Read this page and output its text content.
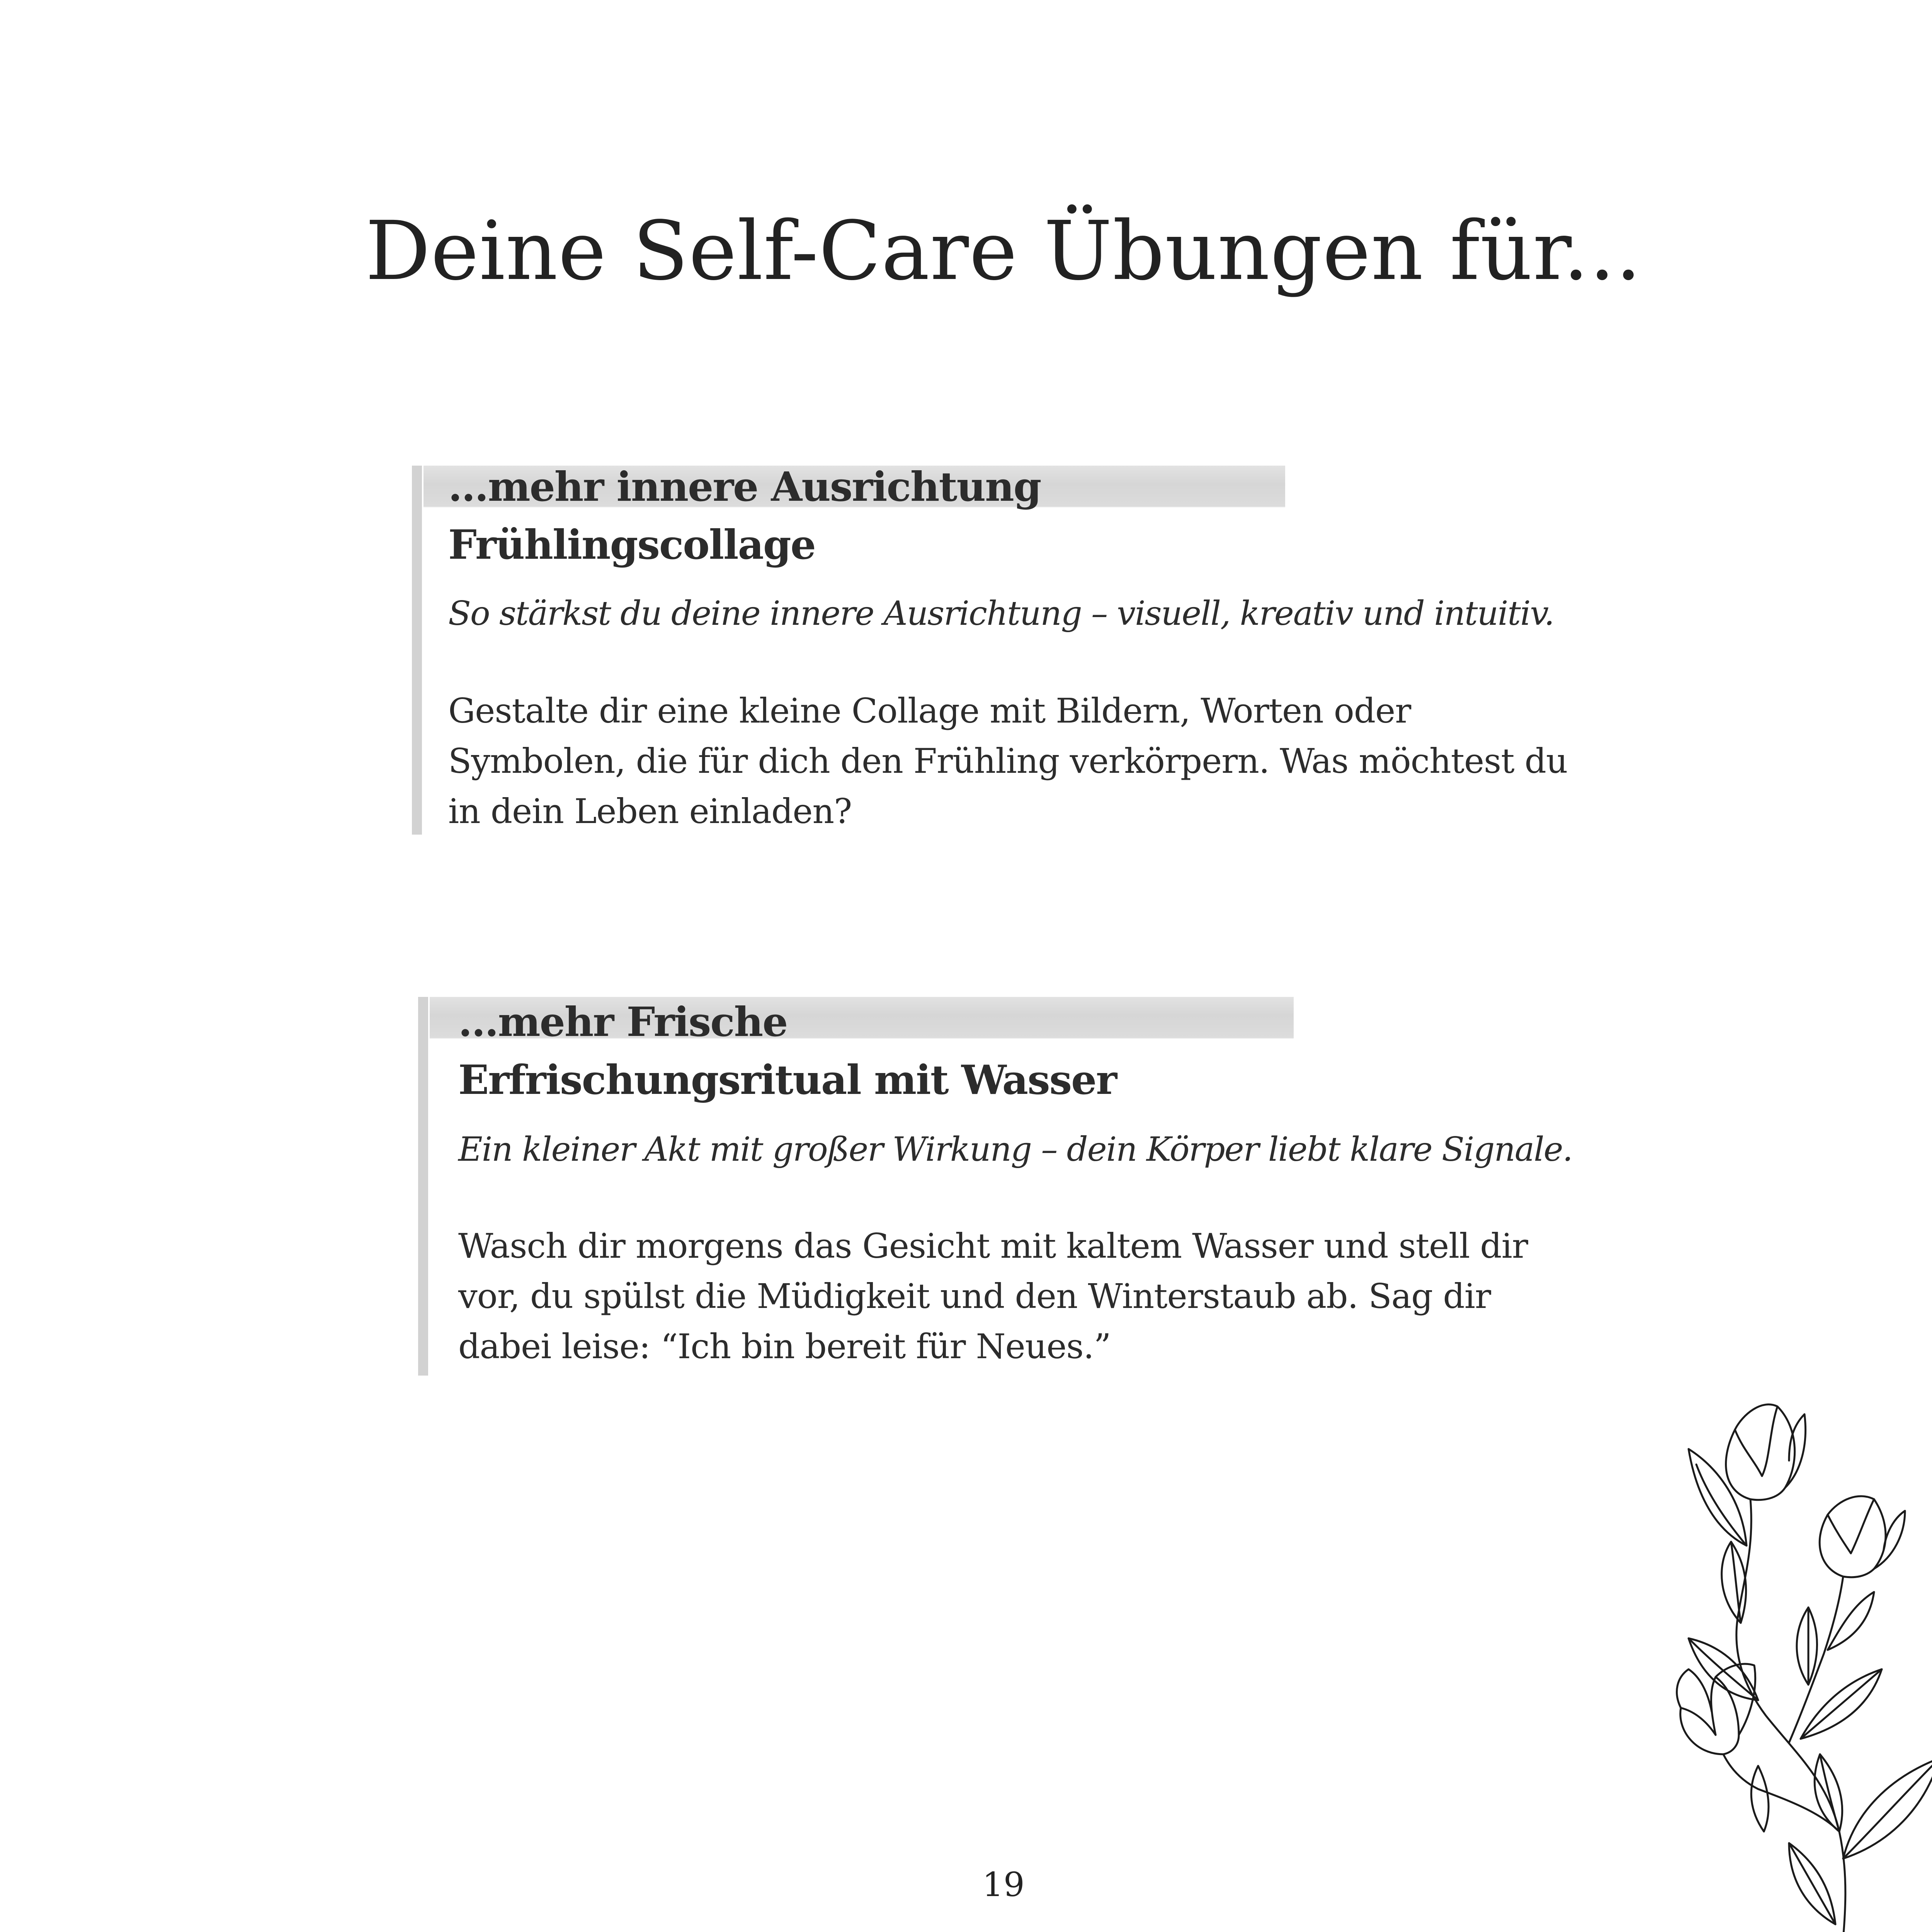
Deine Self-Care Übungen für...
...mehr innere Ausrichtung
Frühlingscollage

So stärkst du deine innere Ausrichtung – visuell, kreativ und intuitiv.

Gestalte dir eine kleine Collage mit Bildern, Worten oder
Symbolen, die für dich den Frühling verkörpern. Was möchtest du
in dein Leben einladen?

...mehr Frische
Erfrischungsritual mit Wasser

Ein kleiner Akt mit großer Wirkung – dein Körper liebt klare Signale.

Wasch dir morgens das Gesicht mit kaltem Wasser und stell dir
vor, du spülst die Müdigkeit und den Winterstaub ab. Sag dir
dabei leise: “Ich bin bereit für Neues.”

19
